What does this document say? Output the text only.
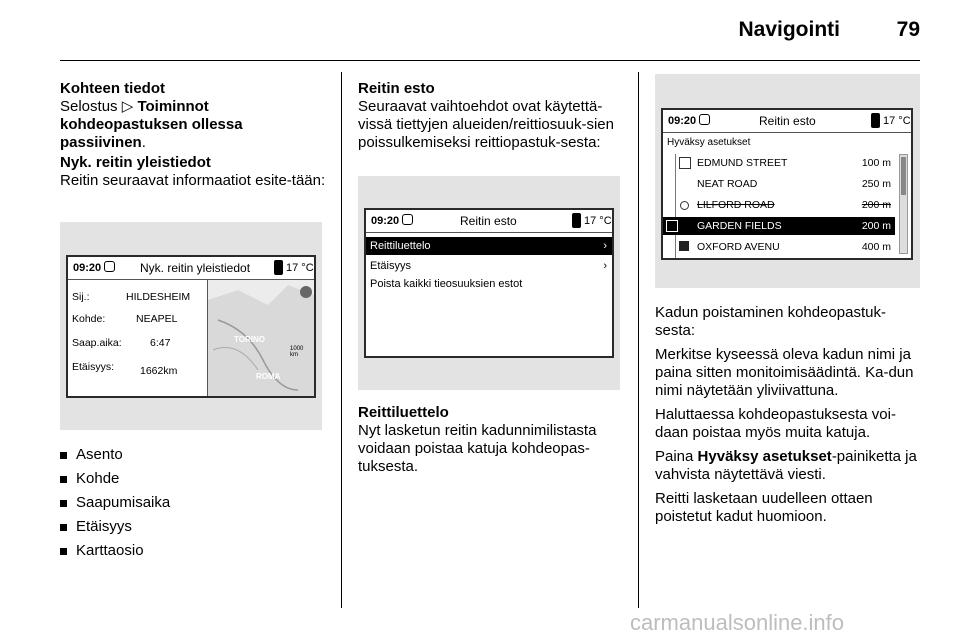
Navigointi	79

Kohteen tiedot

Selostus ▷ Toiminnot kohdeopastuksen ollessa passiivinen.

Nyk. reitin yleistiedot

Reitin seuraavat informaatiot esite-tään:

09:20	Nyk. reitin yleistiedot	17 °C
Sij.:	HILDESHEIM
Kohde:	NEAPEL
Saap.aika:	6:47
Etäisyys: 1662km
TORINO
ROMA
1000 km
Asento
Kohde
Saapumisaika
Etäisyys
Karttaosio

Reitin esto

Seuraavat vaihtoehdot ovat käytettä-vissä tiettyjen alueiden/reittiosuuk-sien poissulkemiseksi reittiopastuk-sesta:

09:20	Reitin esto	17 °C
Reittiluettelo	›
Etäisyys	›
Poista kaikki tieosuuksien estot

Reittiluettelo

Nyt lasketun reitin kadunnimilistasta voidaan poistaa katuja kohdeopas-tuksesta.

09:20	Reitin esto	17 °C
Hyväksy asetukset
EDMUND STREET	100 m
NEAT ROAD	250 m
LILFORD ROAD	200 m
GARDEN FIELDS	200 m
OXFORD AVENU	400 m

Kadun poistaminen kohdeopastuk-sesta:

Merkitse kyseessä oleva kadun nimi ja paina sitten monitoimisäädintä. Ka-dun nimi näytetään yliviivattuna.

Haluttaessa kohdeopastuksesta voi-daan poistaa myös muita katuja.

Paina Hyväksy asetukset-painiketta ja vahvista näytettävä viesti.

Reitti lasketaan uudelleen ottaen poistetut kadut huomioon.

carmanualsonline.info
